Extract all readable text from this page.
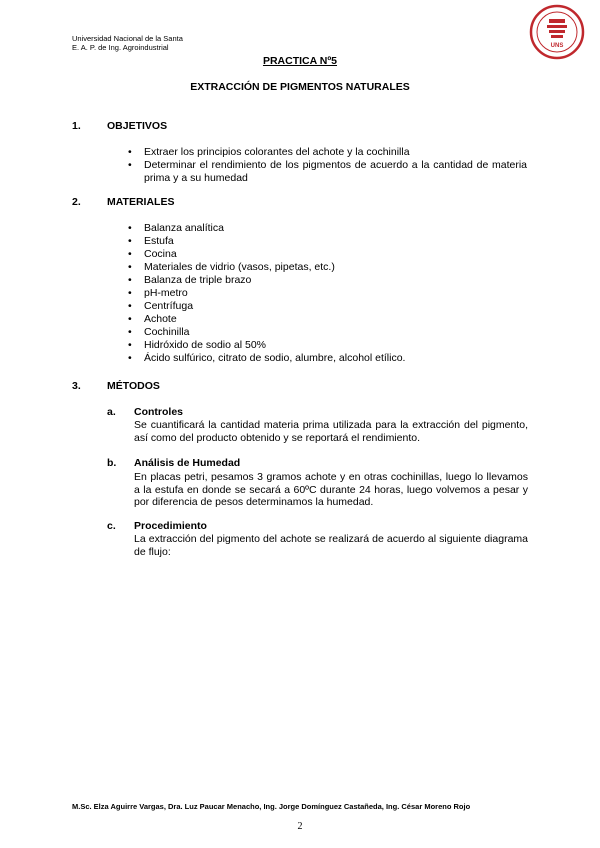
Universidad Nacional de la Santa
E. A. P. de Ing. Agroindustrial	UNS
PRACTICA Nº5
EXTRACCIÓN DE PIGMENTOS NATURALES
1. OBJETIVOS
• Extraer los principios colorantes del achote y la cochinilla
• Determinar el rendimiento de los pigmentos de acuerdo a la cantidad de materia prima y a su humedad
2. MATERIALES
• Balanza analítica
• Estufa
• Cocina
• Materiales de vidrio (vasos, pipetas, etc.)
• Balanza de triple brazo
• pH-metro
• Centrífuga
• Achote
• Cochinilla
• Hidróxido de sodio al 50%
• Ácido sulfúrico, citrato de sodio, alumbre, alcohol etílico.
3. MÉTODOS
a. Controles
Se cuantificará la cantidad materia prima utilizada para la extracción del pigmento, así como del producto obtenido y se reportará el rendimiento.
b. Análisis de Humedad
En placas petri, pesamos 3 gramos achote y en otras cochinillas, luego lo llevamos a la estufa en donde se secará a 60ºC durante 24 horas, luego volvemos a pesar y por diferencia de pesos determinamos la humedad.
c. Procedimiento
La extracción del pigmento del achote se realizará de acuerdo al siguiente diagrama de flujo:
M.Sc. Elza Aguirre Vargas, Dra. Luz Paucar Menacho, Ing. Jorge Domínguez Castañeda, Ing. César Moreno Rojo
2
